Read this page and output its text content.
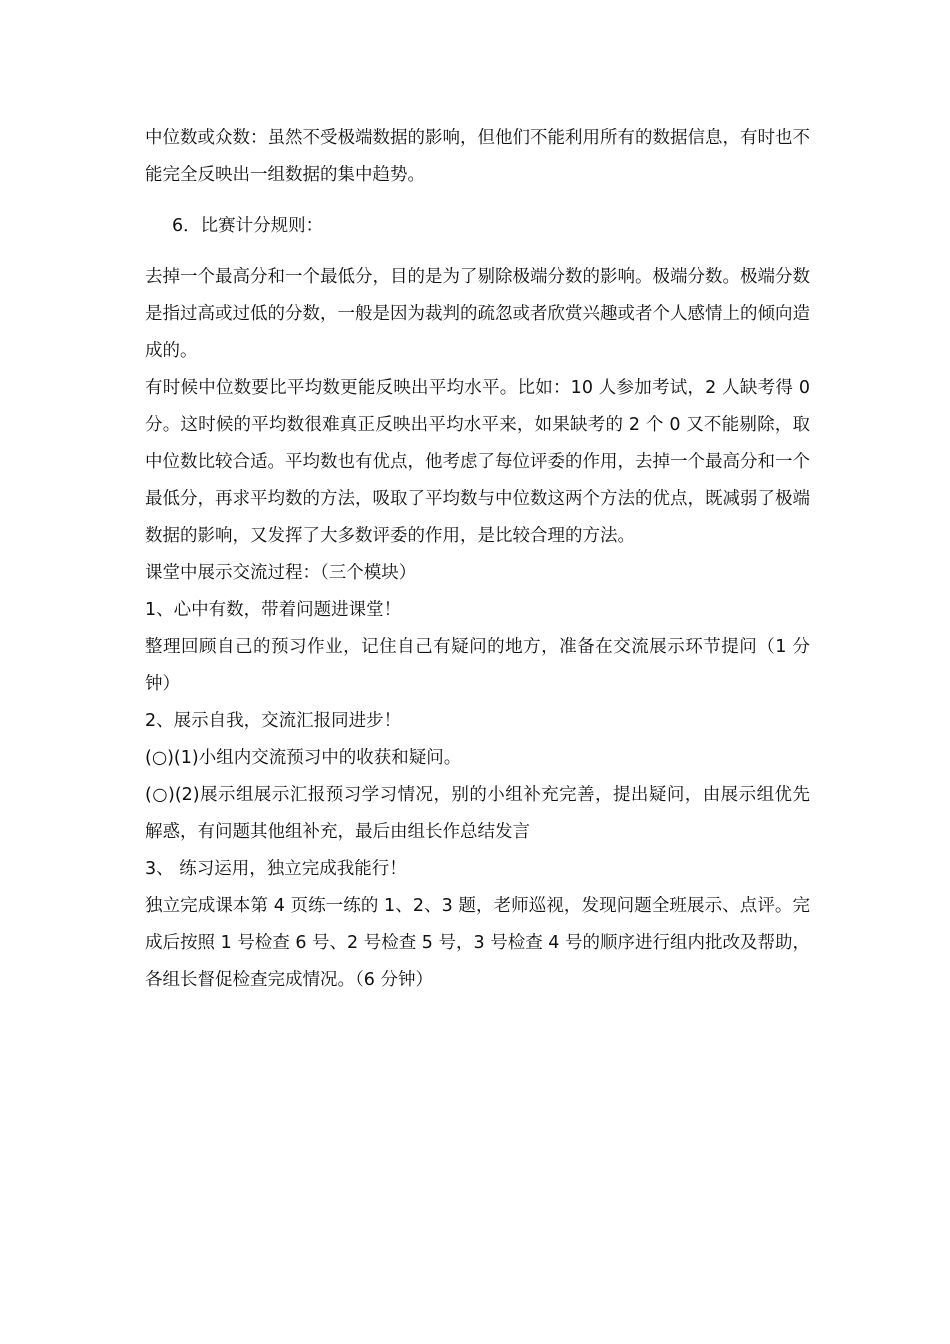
中位数或众数：虽然不受极端数据的影响，但他们不能利用所有的数据信息，有时也不能完全反映出一组数据的集中趋势。

6．比赛计分规则：

去掉一个最高分和一个最低分，目的是为了剔除极端分数的影响。极端分数。极端分数是指过高或过低的分数，一般是因为裁判的疏忽或者欣赏兴趣或者个人感情上的倾向造成的。

有时候中位数要比平均数更能反映出平均水平。比如：10 人参加考试，2 人缺考得 0 分。这时候的平均数很难真正反映出平均水平来，如果缺考的 2 个 0 又不能剔除，取中位数比较合适。平均数也有优点，他考虑了每位评委的作用，去掉一个最高分和一个最低分，再求平均数的方法，吸取了平均数与中位数这两个方法的优点，既减弱了极端数据的影响，又发挥了大多数评委的作用，是比较合理的方法。

课堂中展示交流过程：（三个模块）

1、心中有数，带着问题进课堂！

整理回顾自己的预习作业，记住自己有疑问的地方，准备在交流展示环节提问（1 分钟）

2、展示自我，交流汇报同进步！

(○)(1)小组内交流预习中的收获和疑问。

(○)(2)展示组展示汇报预习学习情况，别的小组补充完善，提出疑问，由展示组优先解惑，有问题其他组补充，最后由组长作总结发言

3、 练习运用，独立完成我能行！

独立完成课本第 4 页练一练的 1、2、3 题，老师巡视，发现问题全班展示、点评。完成后按照 1 号检查 6 号、2 号检查 5 号，3 号检查 4 号的顺序进行组内批改及帮助，各组长督促检查完成情况。（6 分钟）
